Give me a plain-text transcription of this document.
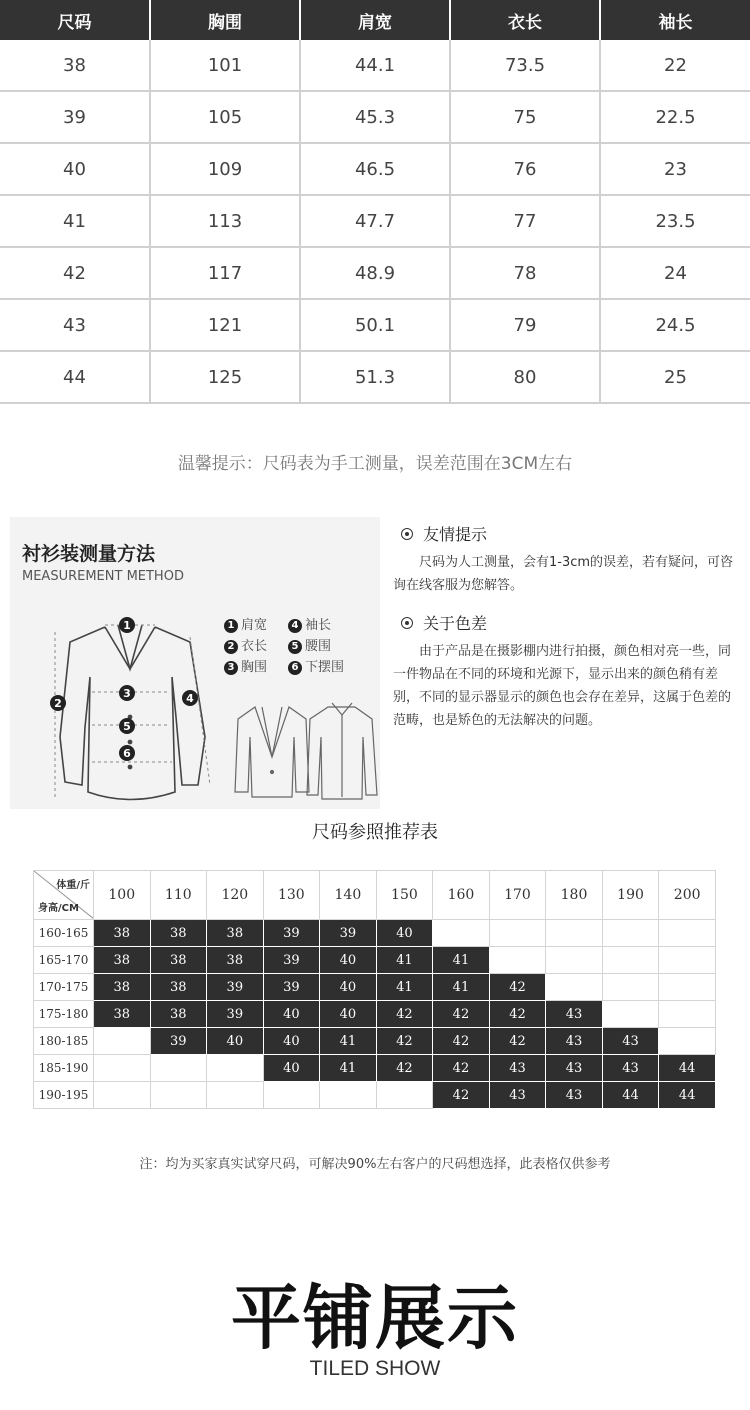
尺码	胸围	肩宽	衣长	袖长
38	101	44.1	73.5	22
39	105	45.3	75	22.5
40	109	46.5	76	23
41	113	47.7	77	23.5
42	117	48.9	78	24
43	121	50.1	79	24.5
44	125	51.3	80	25
温馨提示：尺码表为手工测量，误差范围在3CM左右
衬衫装测量方法
MEASUREMENT METHOD
1
2
3	4
5
6
1 肩宽	4 袖长
2 衣长	5 腰围
3 胸围	6 下摆围
友情提示
尺码为人工测量，会有1-3cm的误差，若有疑问，可咨询在线客服为您解答。
关于色差
由于产品是在摄影棚内进行拍摄，颜色相对亮一些，同一件物品在不同的环境和光源下，显示出来的颜色稍有差别，不同的显示器显示的颜色也会存在差异，这属于色差的范畴，也是矫色的无法解决的问题。
尺码参照推荐表
体重/斤
身高/CM	100	110	120	130	140	150	160	170	180	190	200
160-165	38	38	38	39	39	40					
165-170	38	38	38	39	40	41	41				
170-175	38	38	39	39	40	41	41	42			
175-180	38	38	39	40	40	42	42	42	43		
180-185		39	40	40	41	42	42	42	43	43	
185-190				40	41	42	42	43	43	43	44
190-195							42	43	43	44	44
注：均为买家真实试穿尺码，可解决90%左右客户的尺码想选择，此表格仅供参考
平铺展示
TILED SHOW
